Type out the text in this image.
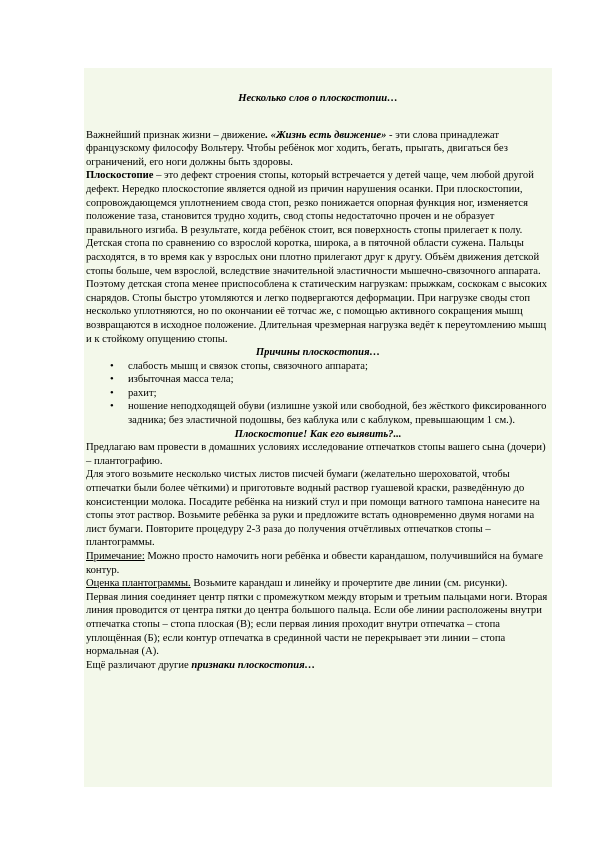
Несколько слов о плоскостопии…

Важнейший признак жизни – движение. «Жизнь есть движение» - эти слова принадлежат французскому философу Вольтеру. Чтобы ребёнок мог ходить, бегать, прыгать, двигаться без ограничений, его ноги должны быть здоровы.

Плоскостопие – это дефект строения стопы, который встречается у детей чаще, чем любой другой дефект. Нередко плоскостопие является одной из причин нарушения осанки. При плоскостопии, сопровождающемся уплотнением свода стоп, резко понижается опорная функция ног, изменяется положение таза, становится трудно ходить, свод стопы недостаточно прочен и не образует правильного изгиба. В результате, когда ребёнок стоит, вся поверхность стопы прилегает к полу.

Детская стопа по сравнению со взрослой коротка, широка, а в пяточной области сужена. Пальцы расходятся, в то время как у взрослых они плотно прилегают друг к другу. Объём движения детской стопы больше, чем взрослой, вследствие значительной эластичности мышечно-связочного аппарата. Поэтому детская стопа менее приспособлена к статическим нагрузкам: прыжкам, соскокам с высоких снарядов. Стопы быстро утомляются и легко подвергаются деформации. При нагрузке своды стоп несколько уплотняются, но по окончании её тотчас же, с помощью активного сокращения мышц возвращаются в исходное положение. Длительная чрезмерная нагрузка ведёт к переутомлению мышц и к стойкому опущению стопы.

Причины плоскостопия…

• слабость мышц и связок стопы, связочного аппарата;
• избыточная масса тела;
• рахит;
• ношение неподходящей обуви (излишне узкой или свободной, без жёсткого фиксированного задника; без эластичной подошвы, без каблука или с каблуком, превышающим 1 см.).

Плоскостопие! Как его выявить?...

Предлагаю вам провести в домашних условиях исследование отпечатков стопы вашего сына (дочери) – плантографию.

Для этого возьмите несколько чистых листов писчей бумаги (желательно шероховатой, чтобы отпечатки были более чёткими) и приготовьте водный раствор гуашевой краски, разведённую до консистенции молока. Посадите ребёнка на низкий стул и при помощи ватного тампона нанесите на стопы этот раствор. Возьмите ребёнка за руки и предложите встать одновременно двумя ногами на лист бумаги. Повторите процедуру 2-3 раза до получения отчётливых отпечатков стопы – плантограммы.

Примечание: Можно просто намочить ноги ребёнка и обвести карандашом, получившийся на бумаге контур.

Оценка плантограммы. Возьмите карандаш и линейку и прочертите две линии (см. рисунки).

Первая линия соединяет центр пятки с промежутком между вторым и третьим пальцами ноги. Вторая линия проводится от центра пятки до центра большого пальца. Если обе линии расположены внутри отпечатка стопы – стопа плоская (В); если первая линия проходит внутри отпечатка – стопа уплощённая (Б); если контур отпечатка в срединной части не перекрывает эти линии – стопа нормальная (А).

Ещё различают другие признаки плоскостопия…
